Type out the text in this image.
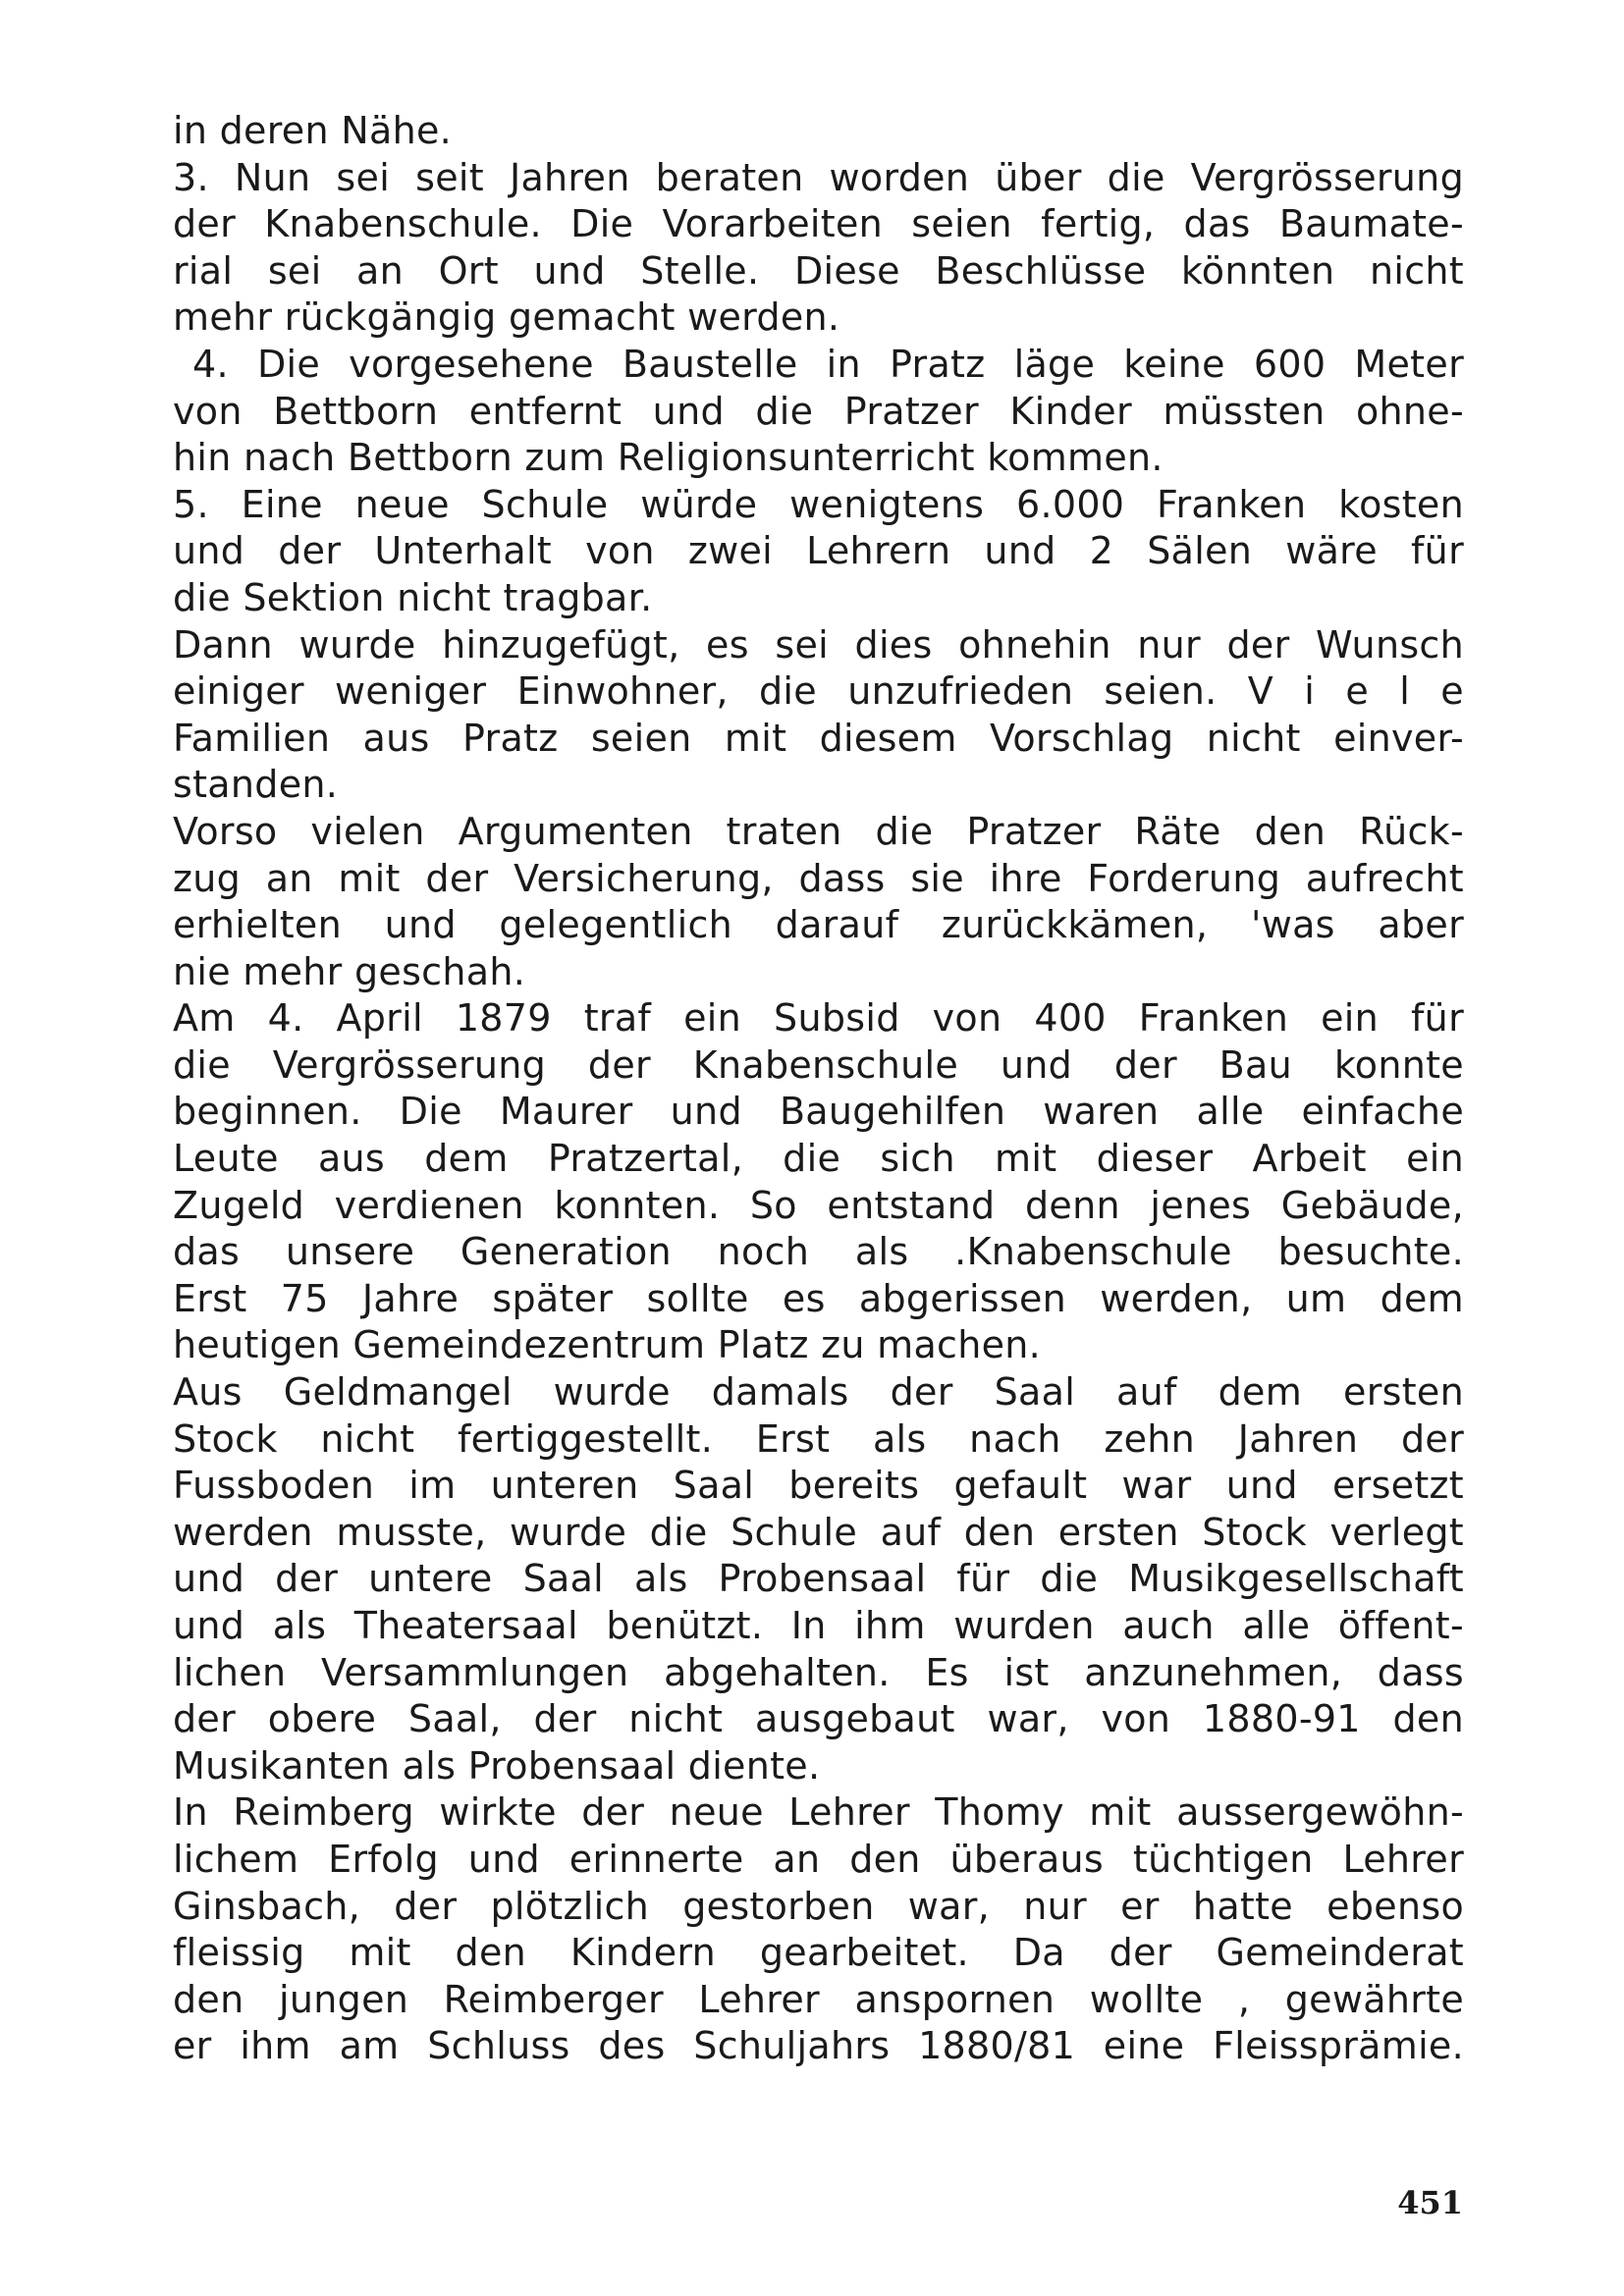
in deren Nähe.
3. Nun sei seit Jahren beraten worden über die Vergrösserung
der Knabenschule. Die Vorarbeiten seien fertig, das Baumate-
rial sei an Ort und Stelle. Diese Beschlüsse könnten nicht
mehr rückgängig gemacht werden.
4. Die vorgesehene Baustelle in Pratz läge keine 600 Meter
von Bettborn entfernt und die Pratzer Kinder müssten ohne-
hin nach Bettborn zum Religionsunterricht kommen.
5. Eine neue Schule würde wenigtens 6.000 Franken kosten
und der Unterhalt von zwei Lehrern und 2 Sälen wäre für
die Sektion nicht tragbar.
Dann wurde hinzugefügt, es sei dies ohnehin nur der Wunsch
einiger weniger Einwohner, die unzufrieden seien. V i e l e
Familien aus Pratz seien mit diesem Vorschlag nicht einver-
standen.
Vorso vielen Argumenten traten die Pratzer Räte den Rück-
zug an mit der Versicherung, dass sie ihre Forderung aufrecht
erhielten und gelegentlich darauf zurückkämen, 'was aber
nie mehr geschah.
Am 4. April 1879 traf ein Subsid von 400 Franken ein für
die Vergrösserung der Knabenschule und der Bau konnte
beginnen. Die Maurer und Baugehilfen waren alle einfache
Leute aus dem Pratzertal, die sich mit dieser Arbeit ein
Zugeld verdienen konnten. So entstand denn jenes Gebäude,
das unsere Generation noch als .Knabenschule besuchte.
Erst 75 Jahre später sollte es abgerissen werden, um dem
heutigen Gemeindezentrum Platz zu machen.
Aus Geldmangel wurde damals der Saal auf dem ersten
Stock nicht fertiggestellt. Erst als nach zehn Jahren der
Fussboden im unteren Saal bereits gefault war und ersetzt
werden musste, wurde die Schule auf den ersten Stock verlegt
und der untere Saal als Probensaal für die Musikgesellschaft
und als Theatersaal benützt. In ihm wurden auch alle öffent-
lichen Versammlungen abgehalten. Es ist anzunehmen, dass
der obere Saal, der nicht ausgebaut war, von 1880-91 den
Musikanten als Probensaal diente.
In Reimberg wirkte der neue Lehrer Thomy mit aussergewöhn-
lichem Erfolg und erinnerte an den überaus tüchtigen Lehrer
Ginsbach, der plötzlich gestorben war, nur er hatte ebenso
fleissig mit den Kindern gearbeitet. Da der Gemeinderat
den jungen Reimberger Lehrer anspornen wollte , gewährte
er ihm am Schluss des Schuljahrs 1880/81 eine Fleissprämie.
451
